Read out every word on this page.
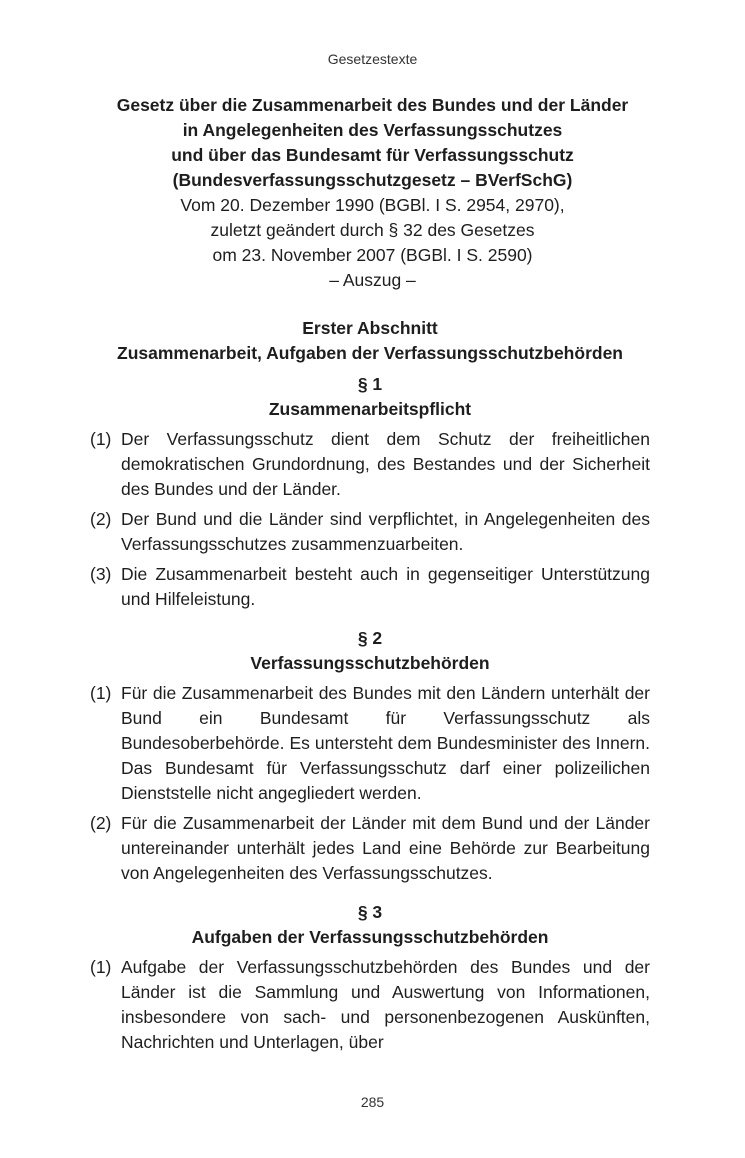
Gesetzestexte
Gesetz über die Zusammenarbeit des Bundes und der Länder
in Angelegenheiten des Verfassungsschutzes
und über das Bundesamt für Verfassungsschutz
(Bundesverfassungsschutzgesetz – BVerfSchG)
Vom 20. Dezember 1990 (BGBl. I S. 2954, 2970),
zuletzt geändert durch § 32 des Gesetzes
om 23. November 2007 (BGBl. I S. 2590)
– Auszug –
Erster Abschnitt
Zusammenarbeit, Aufgaben der Verfassungsschutzbehörden
§ 1
Zusammenarbeitspflicht
(1) Der Verfassungsschutz dient dem Schutz der freiheitlichen demokratischen Grundordnung, des Bestandes und der Sicherheit des Bundes und der Länder.
(2) Der Bund und die Länder sind verpflichtet, in Angelegenheiten des Verfassungsschutzes zusammenzuarbeiten.
(3) Die Zusammenarbeit besteht auch in gegenseitiger Unterstützung und Hilfeleistung.
§ 2
Verfassungsschutzbehörden
(1) Für die Zusammenarbeit des Bundes mit den Ländern unterhält der Bund ein Bundesamt für Verfassungsschutz als Bundesoberbehörde. Es untersteht dem Bundesminister des Innern. Das Bundesamt für Verfassungsschutz darf einer polizeilichen Dienststelle nicht angegliedert werden.
(2) Für die Zusammenarbeit der Länder mit dem Bund und der Länder untereinander unterhält jedes Land eine Behörde zur Bearbeitung von Angelegenheiten des Verfassungsschutzes.
§ 3
Aufgaben der Verfassungsschutzbehörden
(1) Aufgabe der Verfassungsschutzbehörden des Bundes und der Länder ist die Sammlung und Auswertung von Informationen, insbesondere von sach- und personenbezogenen Auskünften, Nachrichten und Unterlagen, über
285
